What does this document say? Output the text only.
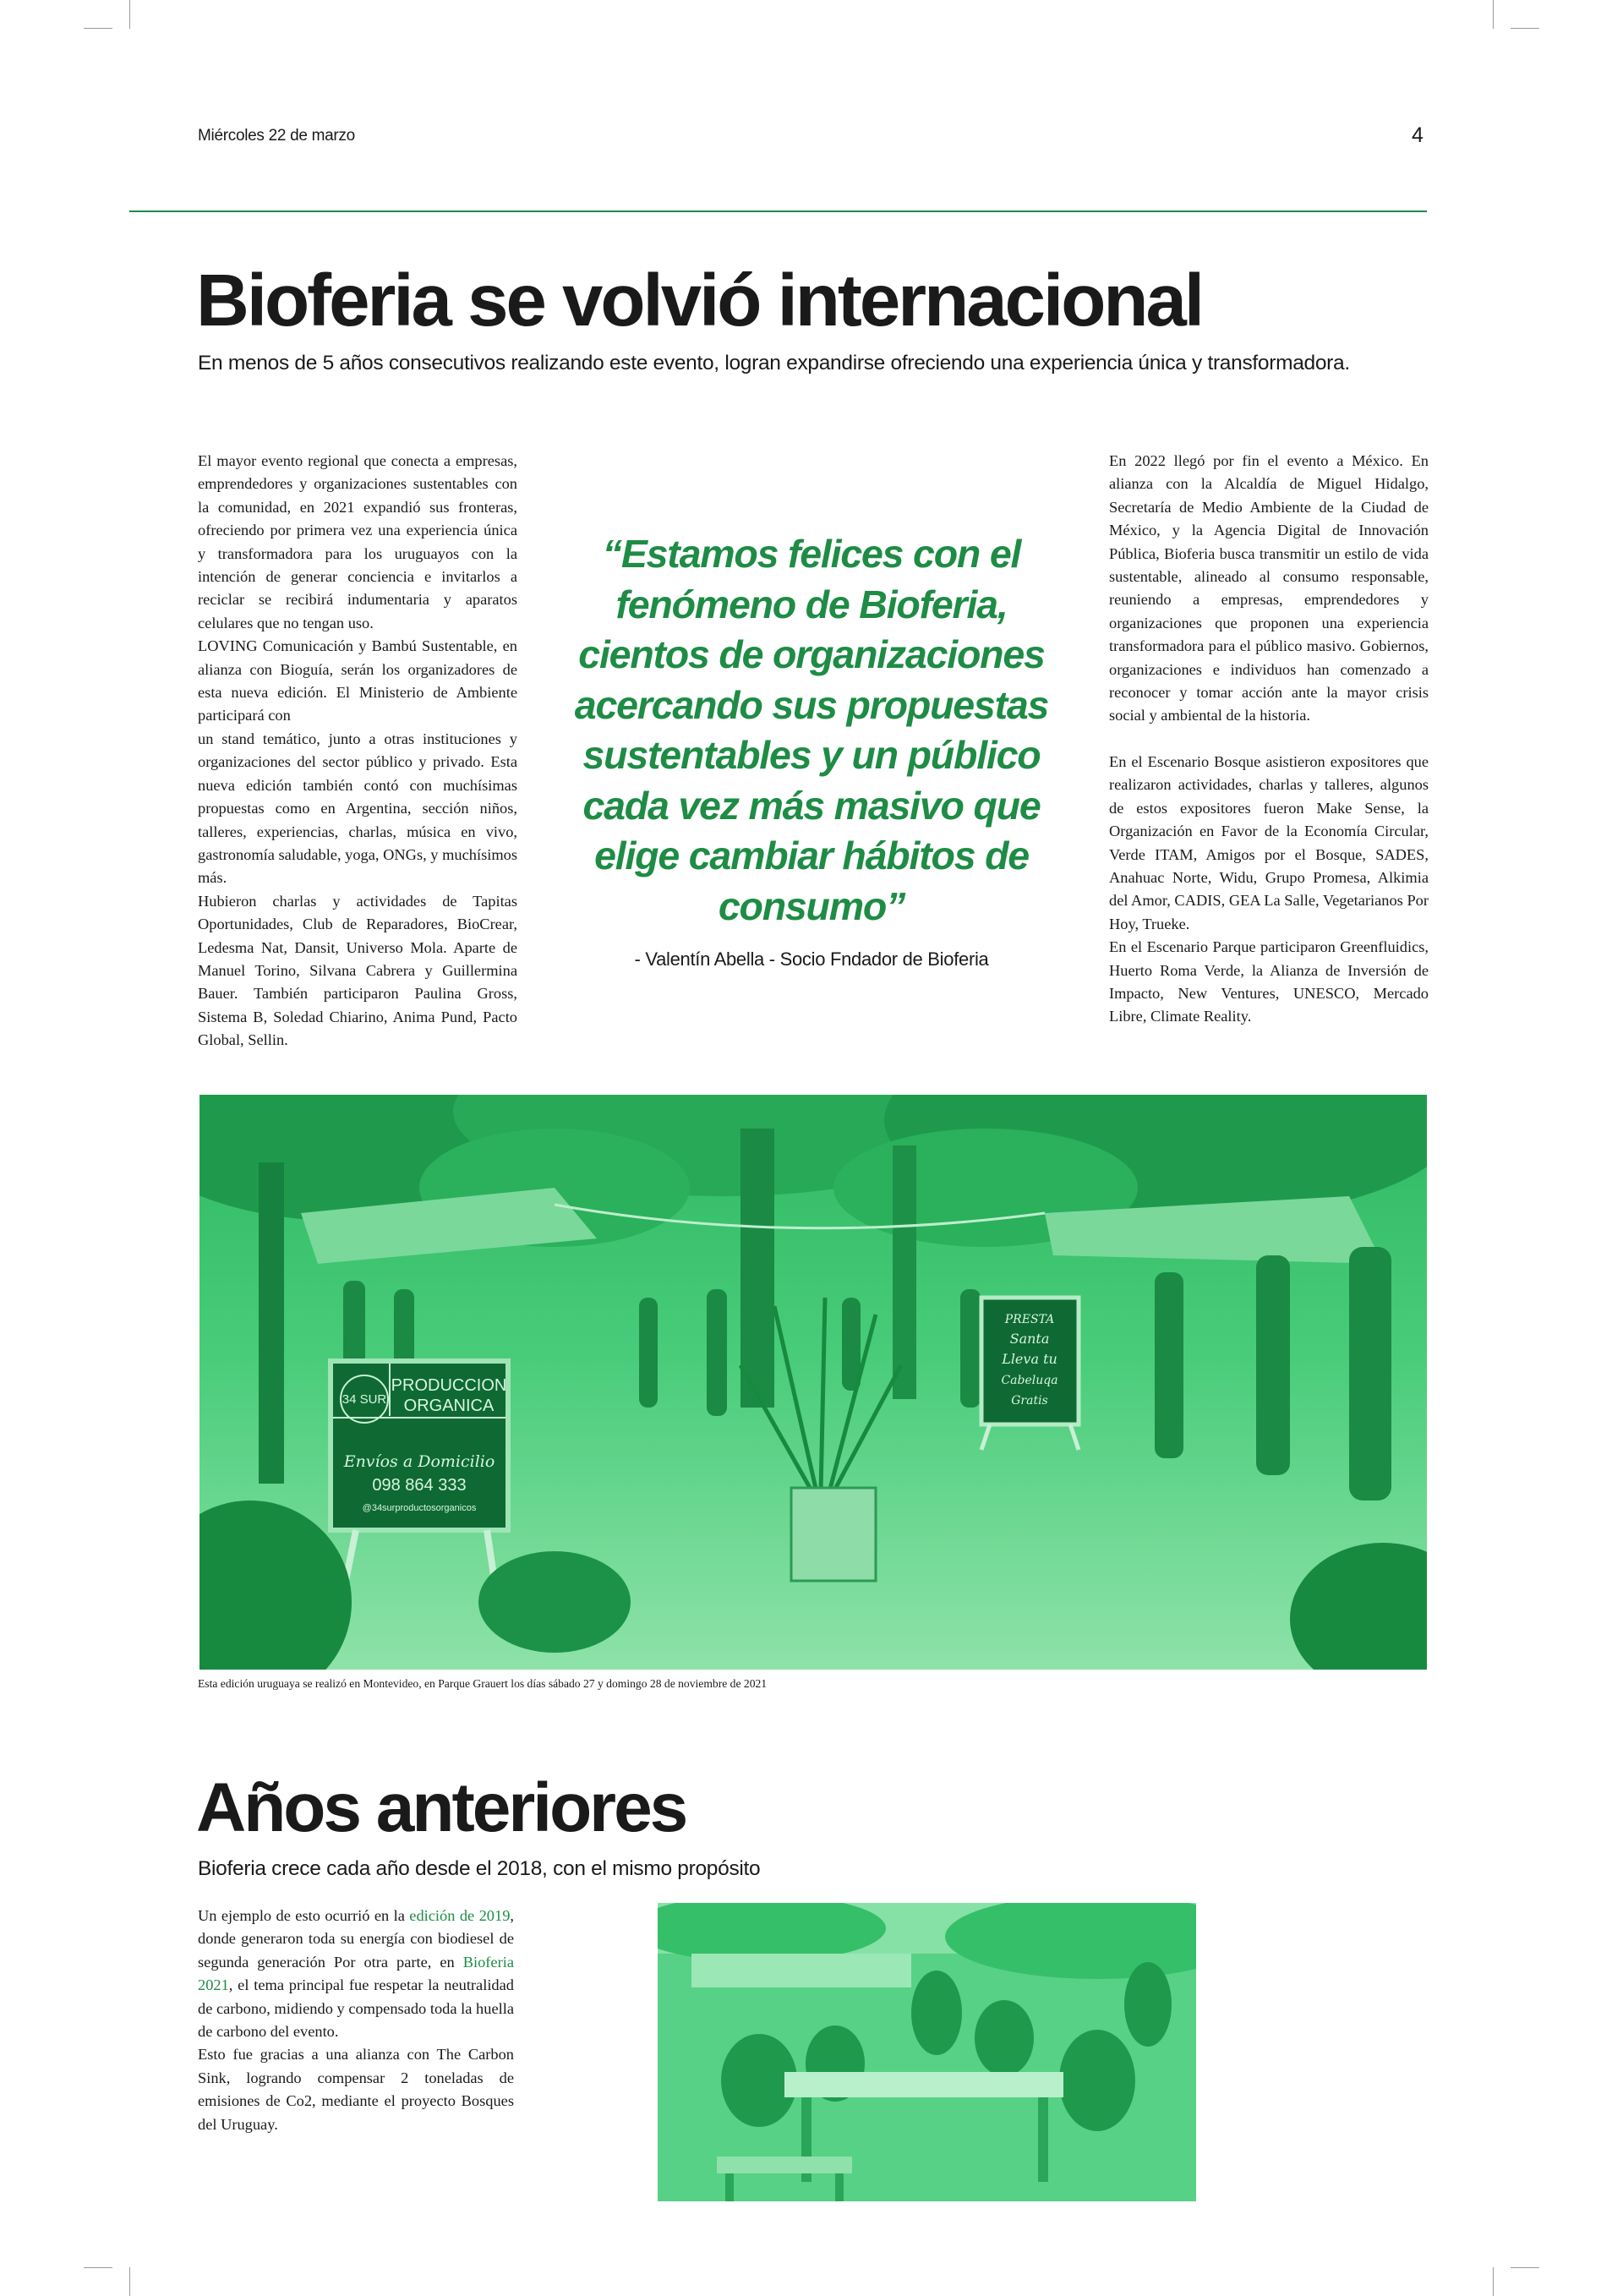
Miércoles 22 de marzo	4
Bioferia se volvió internacional

En menos de 5 años consecutivos realizando este evento, logran expandirse ofreciendo una experiencia única y transformadora.

El mayor evento regional que conecta a empresas, emprendedores y organizaciones sustentables con la comunidad, en 2021 expandió sus fronteras, ofreciendo por primera vez una experiencia única y transformadora para los uruguayos con la intención de generar conciencia e invitarlos a reciclar se recibirá indumentaria y aparatos celulares que no tengan uso.

LOVING Comunicación y Bambú Sustentable, en alianza con Bioguía, serán los organizadores de esta nueva edición. El Ministerio de Ambiente participará con

un stand temático, junto a otras instituciones y organizaciones del sector público y privado. Esta nueva edición también contó con muchísimas propuestas como en Argentina, sección niños, talleres, experiencias, charlas, música en vivo, gastronomía saludable, yoga, ONGs, y muchísimos más.

Hubieron charlas y actividades de Tapitas Oportunidades, Club de Reparadores, BioCrear, Ledesma Nat, Dansit, Universo Mola. Aparte de Manuel Torino, Silvana Cabrera y Guillermina Bauer. También participaron Paulina Gross, Sistema B, Soledad Chiarino, Anima Pund, Pacto Global, Sellin.

“Estamos felices con el fenómeno de Bioferia, cientos de organizaciones acercando sus propuestas sustentables y un público cada vez más masivo que elige cambiar hábitos de consumo”

- Valentín Abella - Socio Fndador de Bioferia

En 2022 llegó por fin el evento a México. En alianza con la Alcaldía de Miguel Hidalgo, Secretaría de Medio Ambiente de la Ciudad de México, y la Agencia Digital de Innovación Pública, Bioferia busca transmitir un estilo de vida sustentable, alineado al consumo responsable, reuniendo a empresas, emprendedores y organizaciones que proponen una experiencia transformadora para el público masivo. Gobiernos, organizaciones e individuos han comenzado a reconocer y tomar acción ante la mayor crisis social y ambiental de la historia.

En el Escenario Bosque asistieron expositores que realizaron actividades, charlas y talleres, algunos de estos expositores fueron Make Sense, la Organización en Favor de la Economía Circular, Verde ITAM, Amigos por el Bosque, SADES, Anahuac Norte, Widu, Grupo Promesa, Alkimia del Amor, CADIS, GEA La Salle, Vegetarianos Por Hoy, Trueke.

En el Escenario Parque participaron Greenfluidics, Huerto Roma Verde, la Alianza de Inversión de Impacto, New Ventures, UNESCO, Mercado Libre, Climate Reality.

34 SUR
PRODUCCION
ORGANICA
Envíos a Domicilio
098 864 333
@34surproductosorganicos
PRESTA
Santa
Lleva tu
Cabeluqa
Gratis
Esta edición uruguaya se realizó en Montevideo, en Parque Grauert los días sábado 27 y domingo 28 de noviembre de 2021
Años anteriores

Bioferia crece cada año desde el 2018, con el mismo propósito

Un ejemplo de esto ocurrió en la edición de 2019, donde generaron toda su energía con biodiesel de segunda generación Por otra parte, en Bioferia 2021, el tema principal fue respetar la neutralidad de carbono, midiendo y compensado toda la huella de carbono del evento.

Esto fue gracias a una alianza con The Carbon Sink, logrando compensar 2 toneladas de emisiones de Co2, mediante el proyecto Bosques del Uruguay.
